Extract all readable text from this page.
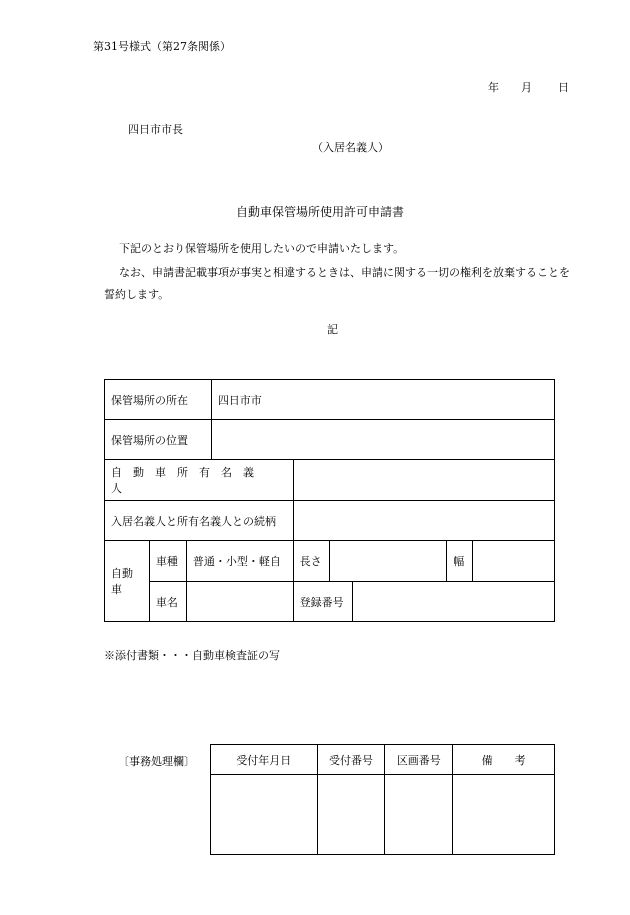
第31号様式（第27条関係）
年 月 日
四日市市長
（入居名義人）
自動車保管場所使用許可申請書
下記のとおり保管場所を使用したいので申請いたします。
なお、申請書記載事項が事実と相違するときは、申請に関する一切の権利を放棄することを誓約します。
記
保管場所の所在			四日市市					
保管場所の位置								
自動車所有名義人								
入居名義人と所有名義人との続柄								
自動車	車種	普通・小型・軽自		長さ			幅	
	車名			登録番号				
※添付書類・・・自動車検査証の写
〔事務処理欄〕	受付年月日	受付番号	区画番号	備　　考
